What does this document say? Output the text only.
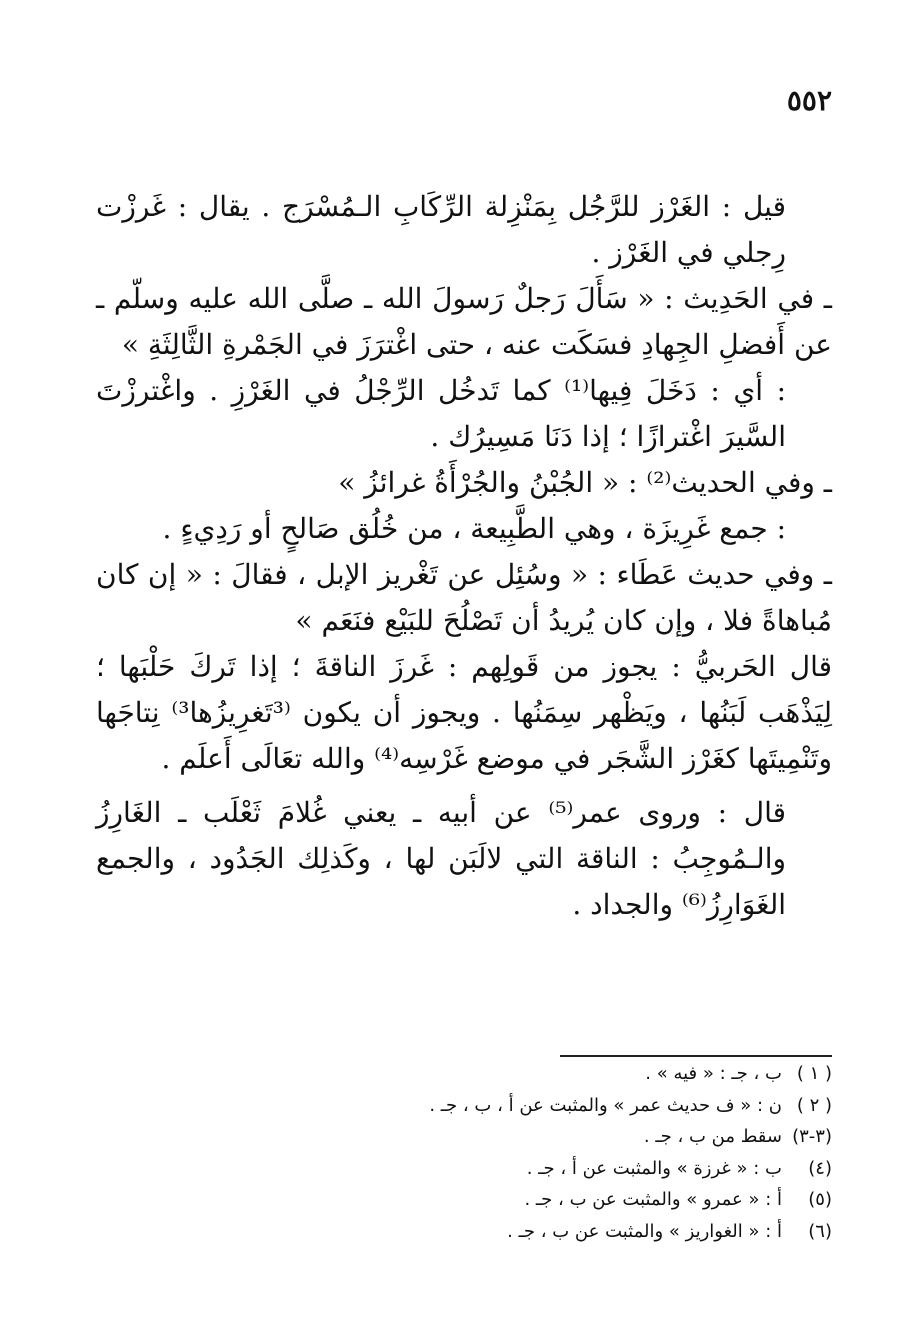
٥٥٢

قيل : الغَرْز للرَّجُل بِمَنْزِلة الرِّكَابِ الـمُسْرَج . يقال : غَرزْت رِجلي في الغَرْز .

ـ في الحَدِيث : « سَأَلَ رَجلٌ رَسولَ الله ـ صلَّى الله عليه وسلّم ـ عن أَفضلِ الجِهادِ فسَكَت عنه ، حتى اغْترَزَ في الجَمْرةِ الثَّالِثَةِ »

: أي : دَخَلَ فِيها⁽¹⁾ كما تَدخُل الرِّجْلُ في الغَرْزِ . واغْترزْتَ السَّيرَ اغْترازًا ؛ إذا دَنَا مَسِيرُك .

ـ وفي الحديث⁽²⁾ : « الجُبْنُ والجُرْأَةُ غرائزُ »

: جمع غَرِيزَة ، وهي الطَّبِيعة ، من خُلُق صَالحٍ أو رَدِيءٍ .

ـ وفي حديث عَطَاء : « وسُئِل عن تَغْريز الإبل ، فقالَ : « إن كان مُباهاةً فلا ، وإن كان يُريدُ أن تَصْلُحَ للبَيْع فنَعَم »

قال الحَربيُّ : يجوز من قَولِهم : غَرزَ الناقةَ ؛ إذا تَركَ حَلْبَها ؛ لِيَذْهَب لَبَنُها ، ويَظْهر سِمَنُها . ويجوز أن يكون ⁽³تَغرِيزُها³⁾ نِتاجَها وتَنْمِيتَها كغَرْز الشَّجَر في موضع غَرْسِه⁽⁴⁾ والله تعَالَى أَعلَم .

قال : وروى عمر⁽⁵⁾ عن أبيه ـ يعني غُلامَ ثَعْلَب ـ الغَارِزُ والـمُوجِبُ : الناقة التي لالَبَن لها ، وكَذلِك الجَدُود ، والجمع الغَوَارِزُ⁽⁶⁾ والجداد .

( ١ )ب ، جـ : « فيه » .

( ٢ )ن : « ف حديث عمر » والمثبت عن أ ، ب ، جـ .

(٣-٣)سقط من ب ، جـ .

(٤)ب : « غرزة » والمثبت عن أ ، جـ .

(٥)أ : « عمرو » والمثبت عن ب ، جـ .

(٦)أ : « الغواريز » والمثبت عن ب ، جـ .
